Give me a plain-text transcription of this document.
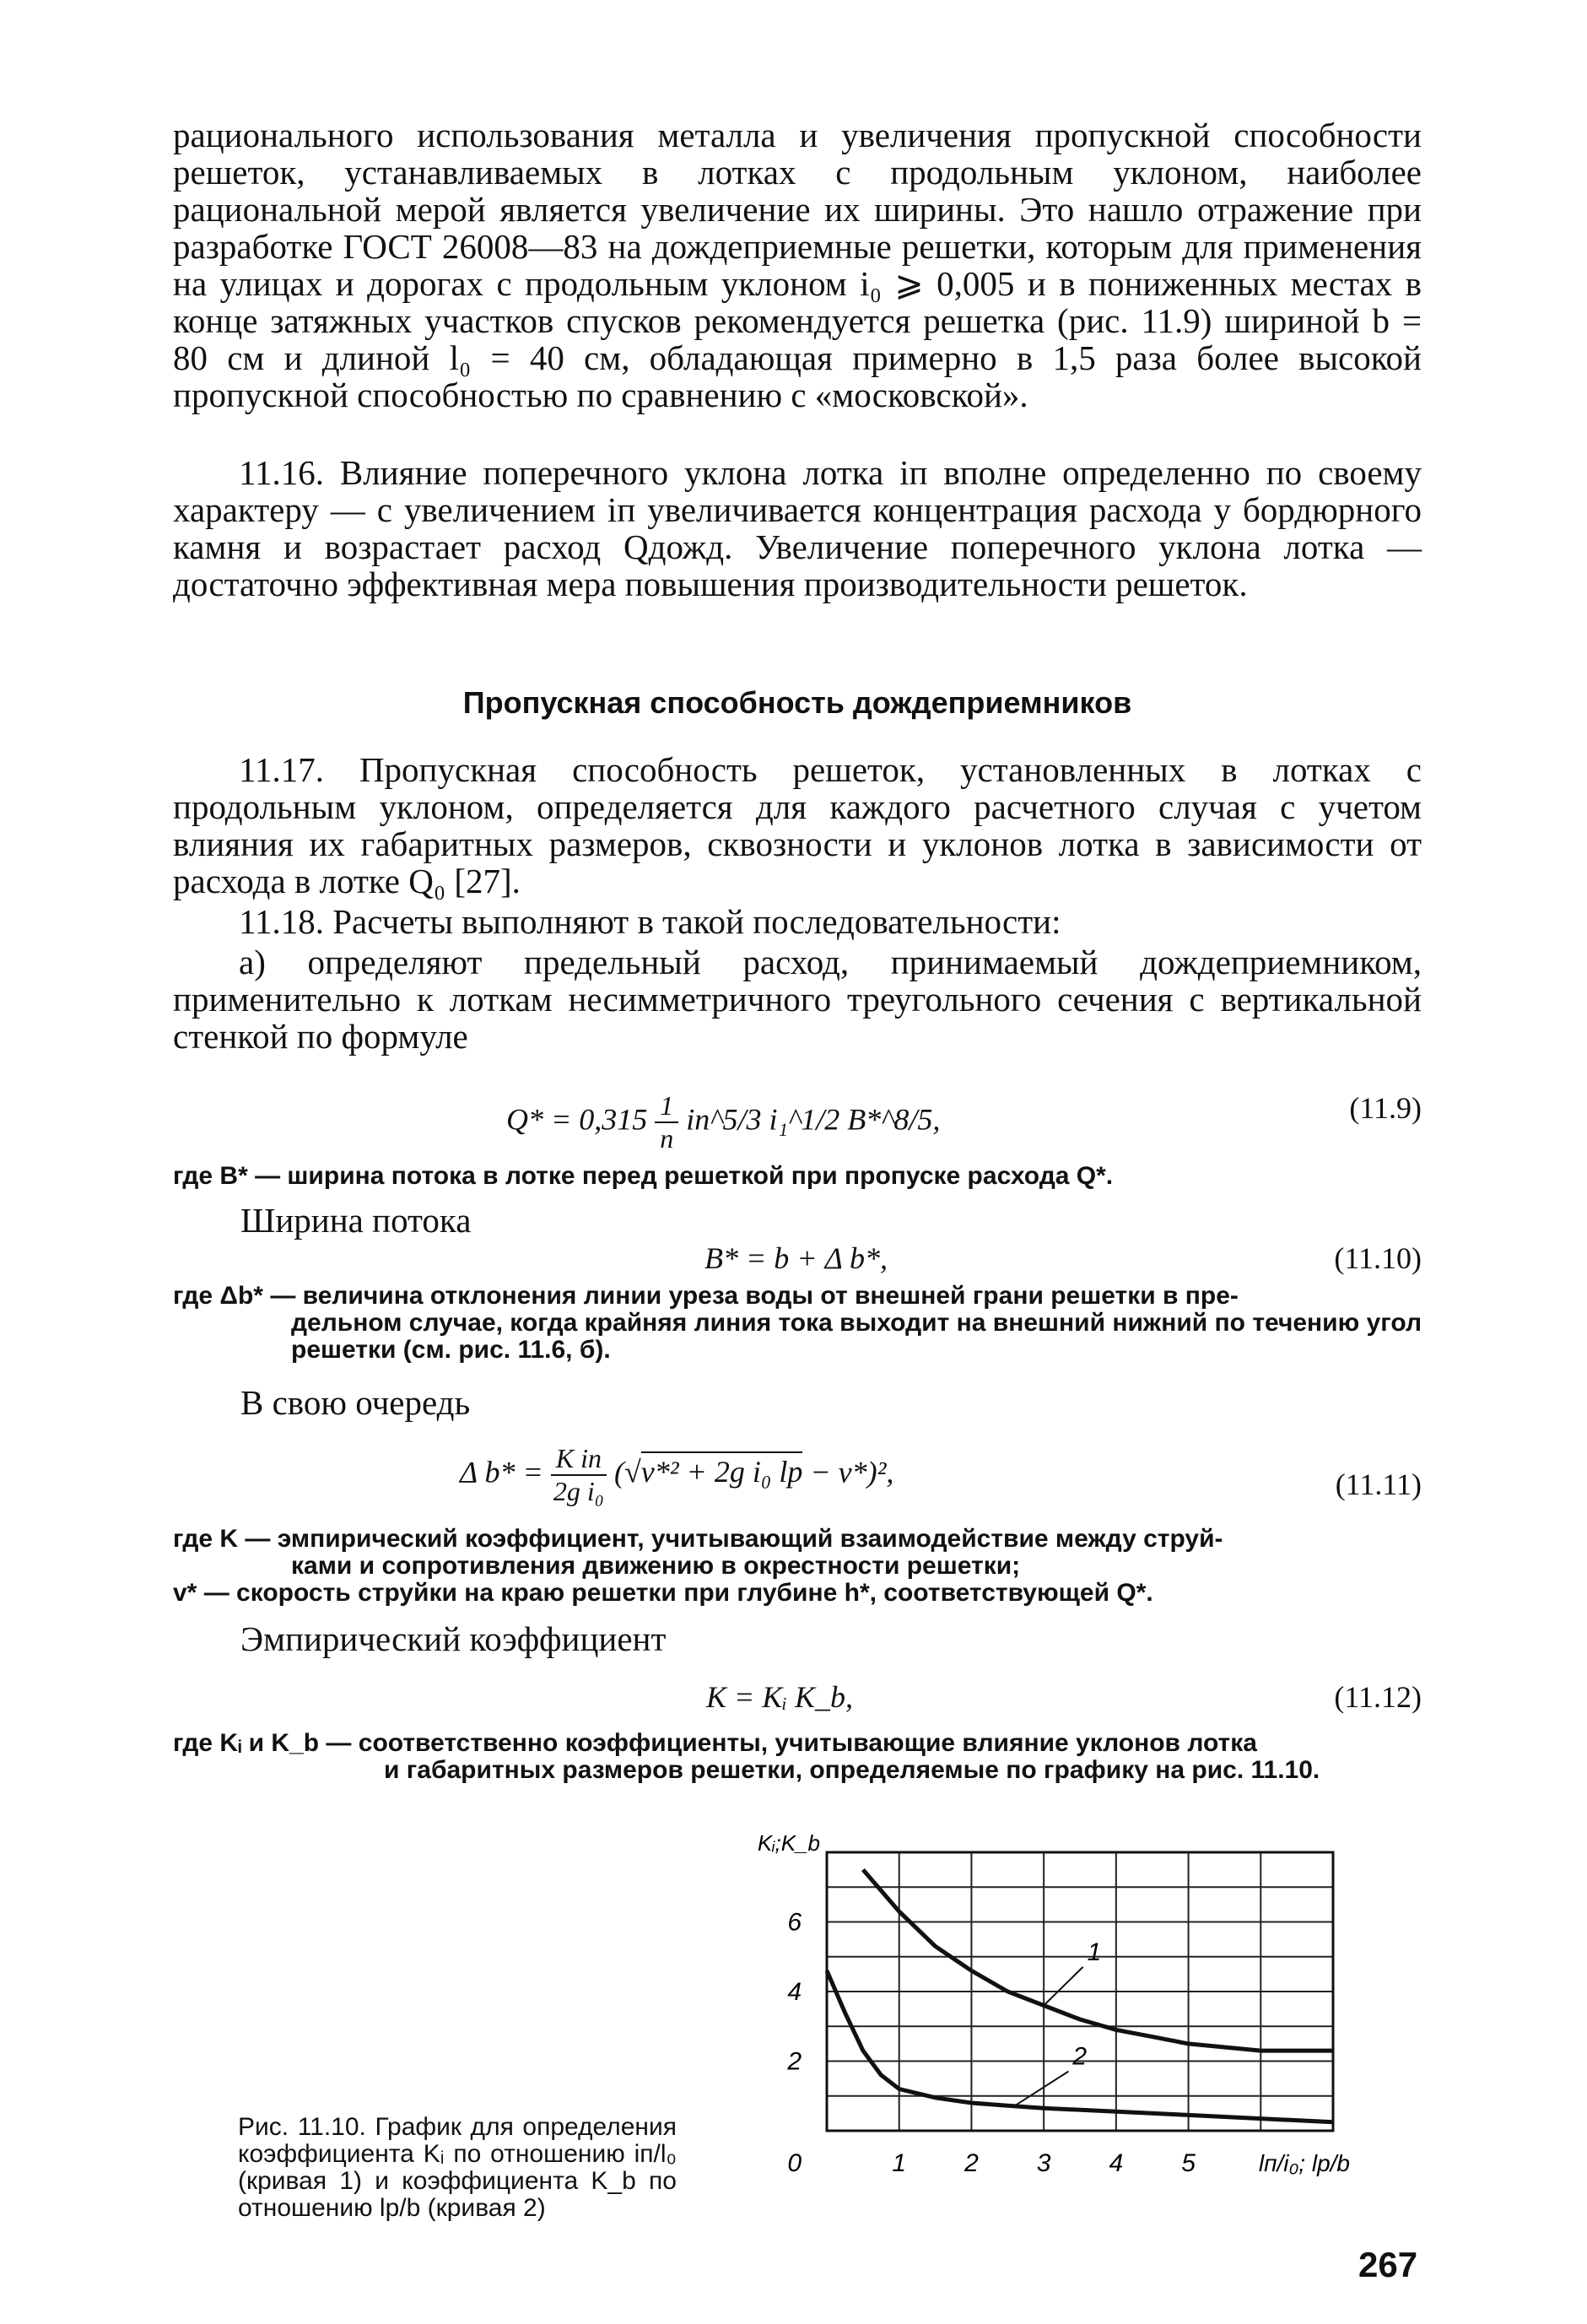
рационального использования металла и увеличения пропускной способности решеток, устанавливаемых в лотках с продольным уклоном, наиболее рациональной мерой является увеличение их ширины. Это нашло отражение при разработке ГОСТ 26008—83 на дождеприемные решетки, которым для применения на улицах и дорогах с продольным уклоном i₀ ⩾ 0,005 и в пониженных местах в конце затяжных участков спусков рекомендуется решетка (рис. 11.9) шириной b = 80 см и длиной l₀ = 40 см, обладающая примерно в 1,5 раза более высокой пропускной способностью по сравнению с «московской».
11.16. Влияние поперечного уклона лотка iп вполне определенно по своему характеру — с увеличением iп увеличивается концентрация расхода у бордюрного камня и возрастает расход Qдожд. Увеличение поперечного уклона лотка — достаточно эффективная мера повышения производительности решеток.
Пропускная способность дождеприемников
11.17. Пропускная способность решеток, установленных в лотках с продольным уклоном, определяется для каждого расчетного случая с учетом влияния их габаритных размеров, сквозности и уклонов лотка в зависимости от расхода в лотке Q₀ [27].
11.18. Расчеты выполняют в такой последовательности:
а) определяют предельный расход, принимаемый дождеприемником, применительно к лоткам несимметричного треугольного сечения с вертикальной стенкой по формуле
$Q* = 0,315 \frac{1}{n}$ iп^5/3 i₁^1/2 B*^8/5,	(11.9)
где B* — ширина потока в лотке перед решеткой при пропуске расхода Q*.
Ширина потока
B* = b + Δ b*,	(11.10)
где Δb* — величина отклонения линии уреза воды от внешней грани решетки в пре-
дельном случае, когда крайняя линия тока выходит на внешний нижний по течению угол решетки (см. рис. 11.6, б).
В свою очередь
Δ $b* = \frac{\text{K iп}}{\text{2g i₀}} (√v*^2 + 2g$ i₀ lр − v*)²,	(11.11)
где K — эмпирический коэффициент, учитывающий взаимодействие между струй-
ками и сопротивления движению в окрестности решетки;
v* — скорость струйки на краю решетки при глубине h*, соответствующей Q*.
Эмпирический коэффициент
K = Kᵢ K_b,	(11.12)
где Kᵢ и K_b — соответственно коэффициенты, учитывающие влияние уклонов лотка
и габаритных размеров решетки, определяемые по графику на рис. 11.10.
Рис. 11.10. График для определения коэффициента Kᵢ по отношению iп/l₀ (кривая 1) и коэффициента K_b по отношению lр/b (кривая 2)
1 2 3 4 5
2
4
6
0
Kᵢ;K_b
lп/i₀; lр/b
1
2
267
